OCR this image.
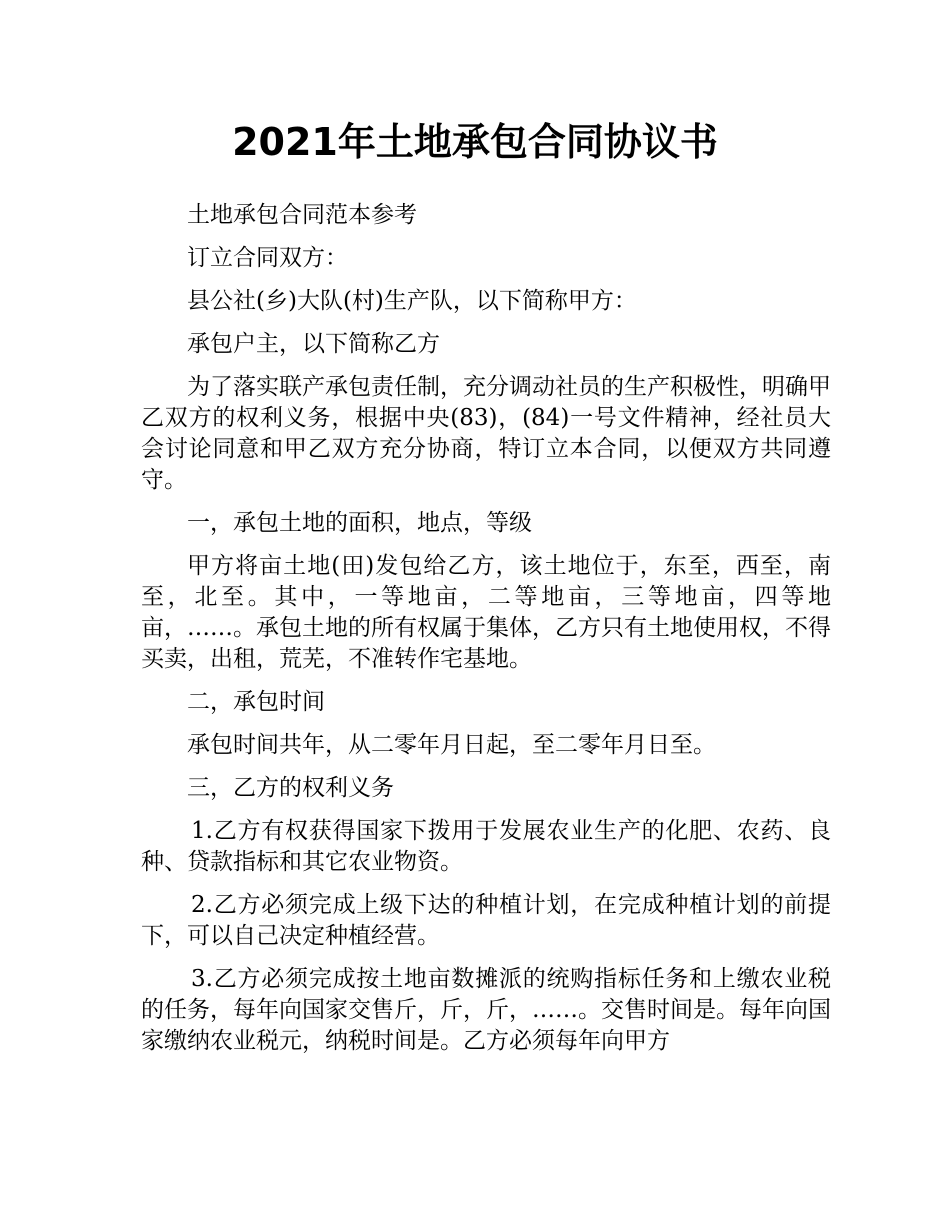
2021年土地承包合同协议书

土地承包合同范本参考

订立合同双方：

县公社(乡)大队(村)生产队，以下简称甲方：

承包户主，以下简称乙方

为了落实联产承包责任制，充分调动社员的生产积极性，明确甲乙双方的权利义务，根据中央(83)，(84)一号文件精神，经社员大会讨论同意和甲乙双方充分协商，特订立本合同，以便双方共同遵守。

一，承包土地的面积，地点，等级

甲方将亩土地(田)发包给乙方，该土地位于，东至，西至，南至，北至。其中，一等地亩，二等地亩，三等地亩，四等地亩，……。承包土地的所有权属于集体，乙方只有土地使用权，不得买卖，出租，荒芜，不准转作宅基地。

二，承包时间

承包时间共年，从二零年月日起，至二零年月日至。

三，乙方的权利义务

1.乙方有权获得国家下拨用于发展农业生产的化肥、农药、良种、贷款指标和其它农业物资。

2.乙方必须完成上级下达的种植计划，在完成种植计划的前提下，可以自己决定种植经营。

3.乙方必须完成按土地亩数摊派的统购指标任务和上缴农业税的任务，每年向国家交售斤，斤，斤，……。交售时间是。每年向国家缴纳农业税元，纳税时间是。乙方必须每年向甲方
